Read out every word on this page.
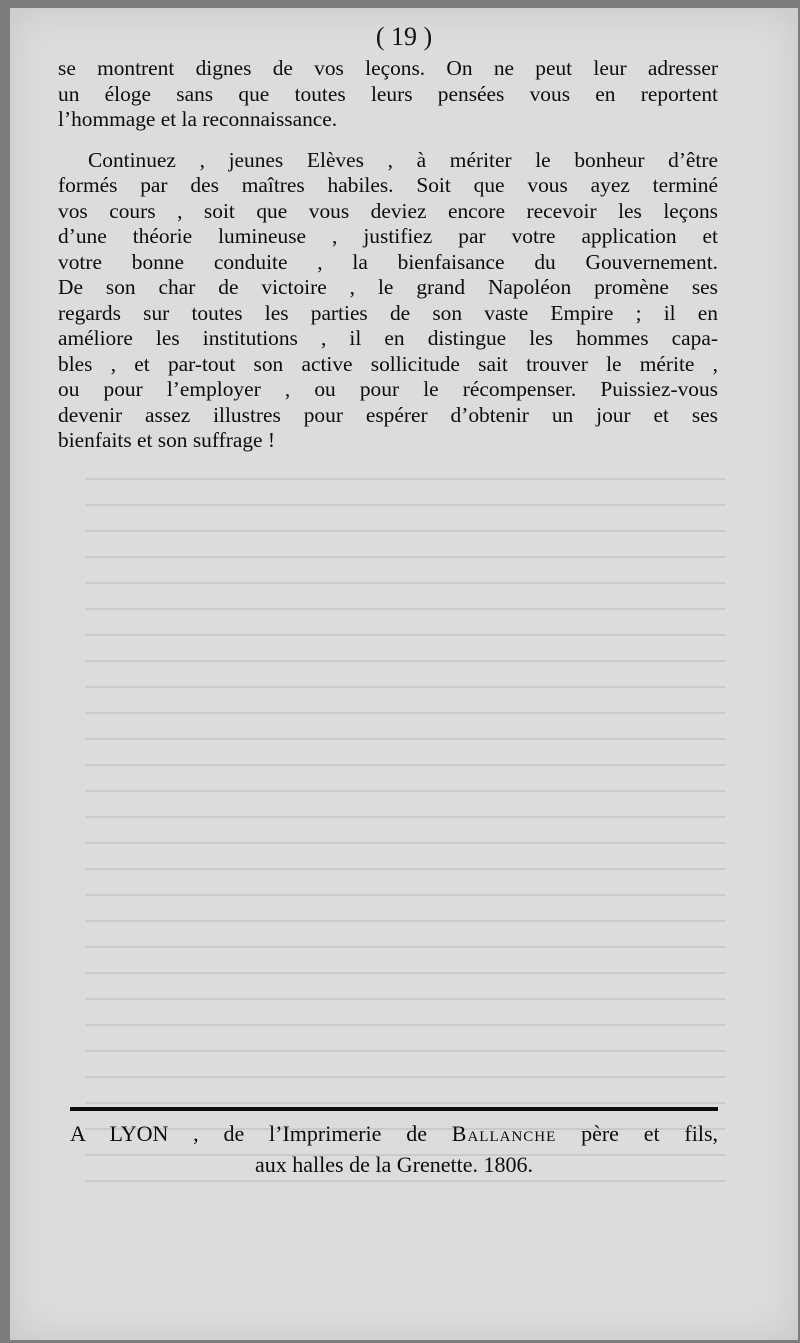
( 19 )

se montrent dignes de vos leçons. On ne peut leur adresser
un éloge sans que toutes leurs pensées vous en reportent
l’hommage et la reconnaissance.

Continuez , jeunes Elèves , à mériter le bonheur d’être
formés par des maîtres habiles. Soit que vous ayez terminé
vos cours , soit que vous deviez encore recevoir les leçons
d’une théorie lumineuse , justifiez par votre application et
votre bonne conduite , la bienfaisance du Gouvernement.
De son char de victoire , le grand Napoléon promène ses
regards sur toutes les parties de son vaste Empire ; il en
améliore les institutions , il en distingue les hommes capa-
bles , et par-tout son active sollicitude sait trouver le mérite ,
ou pour l’employer , ou pour le récompenser. Puissiez-vous
devenir assez illustres pour espérer d’obtenir un jour et ses
bienfaits et son suffrage !

A LYON , de l’Imprimerie de Ballanche père et fils,
aux halles de la Grenette. 1806.
